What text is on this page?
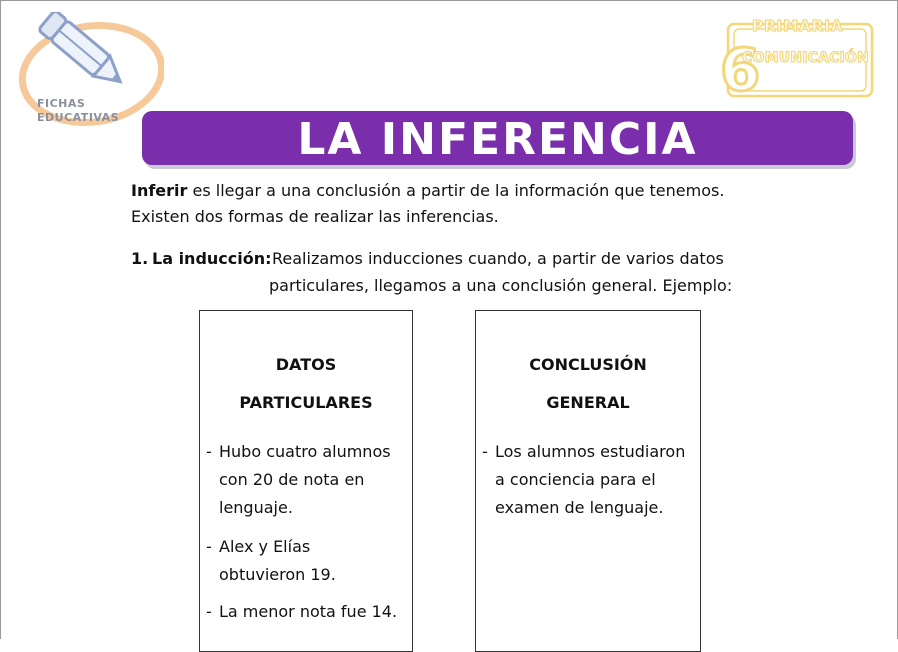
FICHAS
EDUCATIVAS
6
PRIMARIA
COMUNICACIÓN
LA INFERENCIA
Inferir es llegar a una conclusión a partir de la información que tenemos.
Existen dos formas de realizar las inferencias.
1. La inducción: Realizamos inducciones cuando, a partir de varios datos
particulares, llegamos a una conclusión general. Ejemplo:
DATOS
PARTICULARES
- Hubo cuatro alumnos
con 20 de nota en
lenguaje.
- Alex y Elías
obtuvieron 19.
- La menor nota fue 14.
CONCLUSIÓN
GENERAL
- Los alumnos estudiaron
a conciencia para el
examen de lenguaje.
